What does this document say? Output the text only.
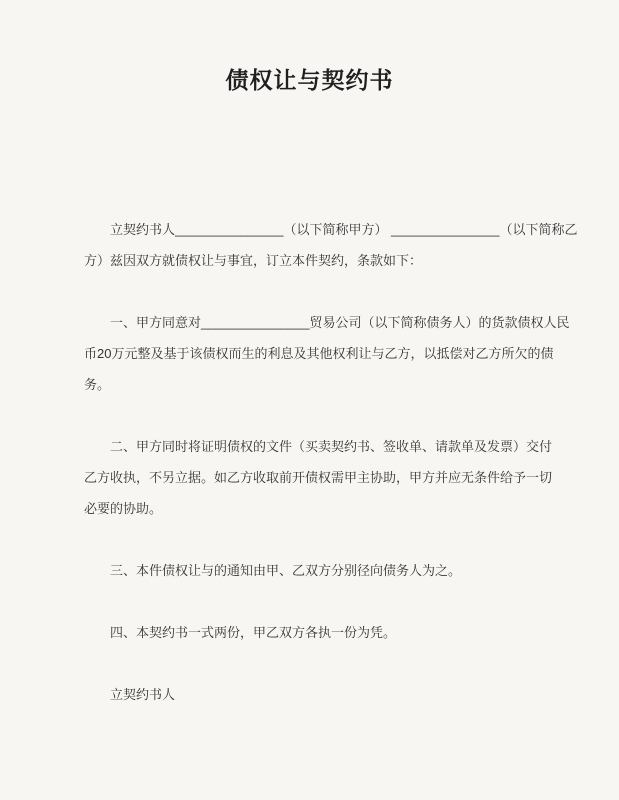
债权让与契约书

立契约书人_______________（以下简称甲方） _______________（以下简称乙
方）兹因双方就债权让与事宜，订立本件契约，条款如下：

一、甲方同意对_______________贸易公司（以下简称债务人）的货款债权人民
币20万元整及基于该债权而生的利息及其他权利让与乙方，以抵偿对乙方所欠的债
务。

二、甲方同时将证明债权的文件（买卖契约书、签收单、请款单及发票）交付
乙方收执，不另立据。如乙方收取前开债权需甲主协助，甲方并应无条件给予一切
必要的协助。

三、本件债权让与的通知由甲、乙双方分别径向债务人为之。

四、本契约书一式两份，甲乙双方各执一份为凭。

立契约书人
